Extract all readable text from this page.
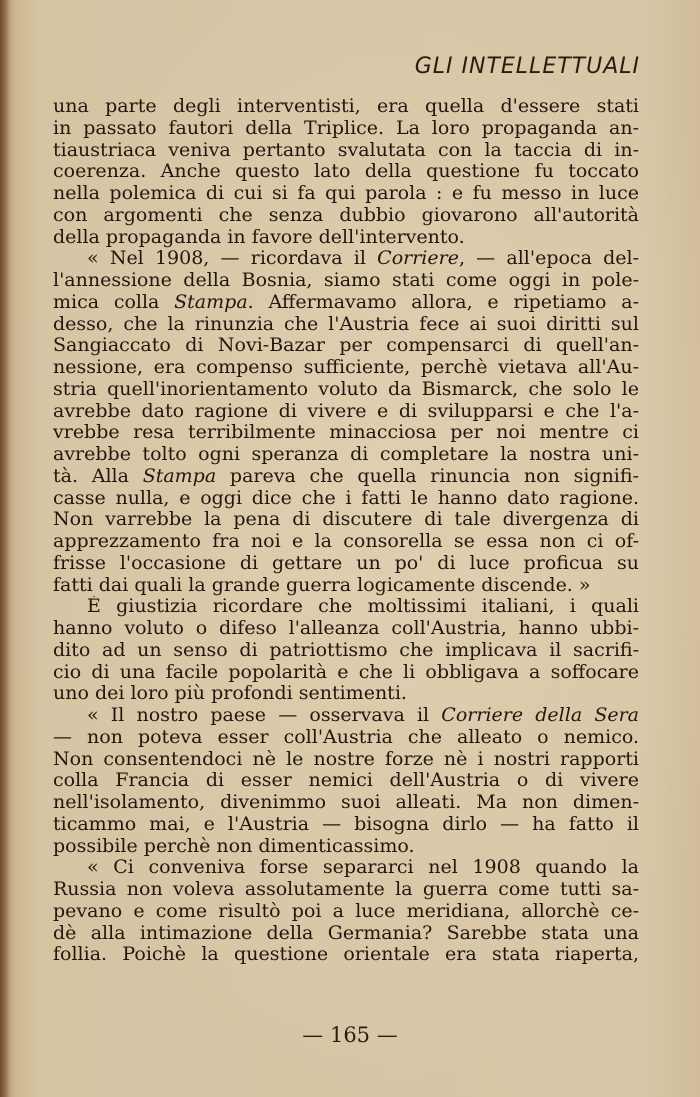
GLI INTELLETTUALI
una parte degli interventisti, era quella d'essere stati
in passato fautori della Triplice. La loro propaganda an-
tiaustriaca veniva pertanto svalutata con la taccia di in-
coerenza. Anche questo lato della questione fu toccato
nella polemica di cui si fa qui parola : e fu messo in luce
con argomenti che senza dubbio giovarono all'autorità
della propaganda in favore dell'intervento.
« Nel 1908, — ricordava il Corriere, — all'epoca del-
l'annessione della Bosnia, siamo stati come oggi in pole-
mica colla Stampa. Affermavamo allora, e ripetiamo a-
desso, che la rinunzia che l'Austria fece ai suoi diritti sul
Sangiaccato di Novi-Bazar per compensarci di quell'an-
nessione, era compenso sufficiente, perchè vietava all'Au-
stria quell'inorientamento voluto da Bismarck, che solo le
avrebbe dato ragione di vivere e di svilupparsi e che l'a-
vrebbe resa terribilmente minacciosa per noi mentre ci
avrebbe tolto ogni speranza di completare la nostra uni-
tà. Alla Stampa pareva che quella rinuncia non signifi-
casse nulla, e oggi dice che i fatti le hanno dato ragione.
Non varrebbe la pena di discutere di tale divergenza di
apprezzamento fra noi e la consorella se essa non ci of-
frisse l'occasione di gettare un po' di luce proficua su
fatti dai quali la grande guerra logicamente discende. »
È giustizia ricordare che moltissimi italiani, i quali
hanno voluto o difeso l'alleanza coll'Austria, hanno ubbi-
dito ad un senso di patriottismo che implicava il sacrifi-
cio di una facile popolarità e che li obbligava a soffocare
uno dei loro più profondi sentimenti.
« Il nostro paese — osservava il Corriere della Sera
— non poteva esser coll'Austria che alleato o nemico.
Non consentendoci nè le nostre forze nè i nostri rapporti
colla Francia di esser nemici dell'Austria o di vivere
nell'isolamento, divenimmo suoi alleati. Ma non dimen-
ticammo mai, e l'Austria — bisogna dirlo — ha fatto il
possibile perchè non dimenticassimo.
« Ci conveniva forse separarci nel 1908 quando la
Russia non voleva assolutamente la guerra come tutti sa-
pevano e come risultò poi a luce meridiana, allorchè ce-
dè alla intimazione della Germania? Sarebbe stata una
follia. Poichè la questione orientale era stata riaperta,
— 165 —
